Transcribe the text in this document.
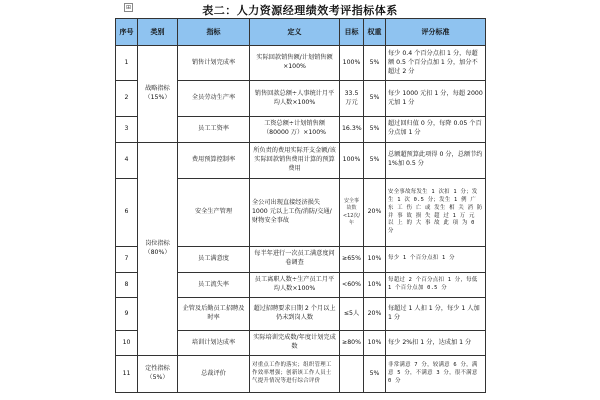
表二：人力资源经理绩效考评指标体系
⊞
序号	类别	指标	定义	目标	权重	评分标准
1	战略指标（15%）	销售计划完成率	实际回款销售额/计划销售额×100%	100%	5%	每少 0.4 个百分点扣 1 分，每超额 0.5 个百分点加 1 分，加分不超过 2 分
2		全员劳动生产率	销售回款总额÷人事统计月平均人数×100%	33.5 万元	5%	每少 1000 元扣 1 分，每超 2000 元加 1 分
3		员工工资率	工资总额÷计划销售额（80000 万）×100%	16.3%	5%	超过回归值 0 分，每降 0.05 个百分点加 1 分
4	岗位指标（80%）	费用预算控制率	所负责的费用实际开支金额/该实际回款销售费用计算的预算费用	100%	5%	总额超预算此项得 0 分，总额节约 1%加 0.5 分
6		安全生产管理	全公司出现直接经济损失 1000 元以上工伤/消防/交通/财物安全事故	安全事故数<12次/年	20%	安全事故每发生 1 次扣 1 分；发生 1 次 0.5 分；发生 1 例 广 东 工 伤 亡 或 发生 相 关 消 防 并 事 故 损 失 超 过 1 万 元 以 上 的 大 事 故 此 项 为 0 分
7		员工满意度	每半年进行一次员工满意度问卷调查	≥65%	10%	每少 1 个百分点扣 1 分
8		员工流失率	员工离职人数÷生产员工月平均人数×100%	<60%	10%	每超过 2 个百分点扣 1 分，每低 1 个百分点加 0.5 分
9		企管及后勤员工招聘及时率	超过招聘要求日期 2 个月以上仍未到岗人数	≤5人	20%	每超过 1 人扣 1 分，每少 1 人加 1 分
10		培训计划达成率	实际培训完成数/年度计划完成数	≥80%	10%	每少 2%扣 1 分，达成加 1 分
11	定性指标（5%）	总裁评价	对重点工作的落实；组织管理工作效率增强；创新该工作人员士气提升情况等进行综合评价		5%	非常满意 7 分，较满意 6 分，满意 5 分，不满意 3 分，很不满意 0 分
